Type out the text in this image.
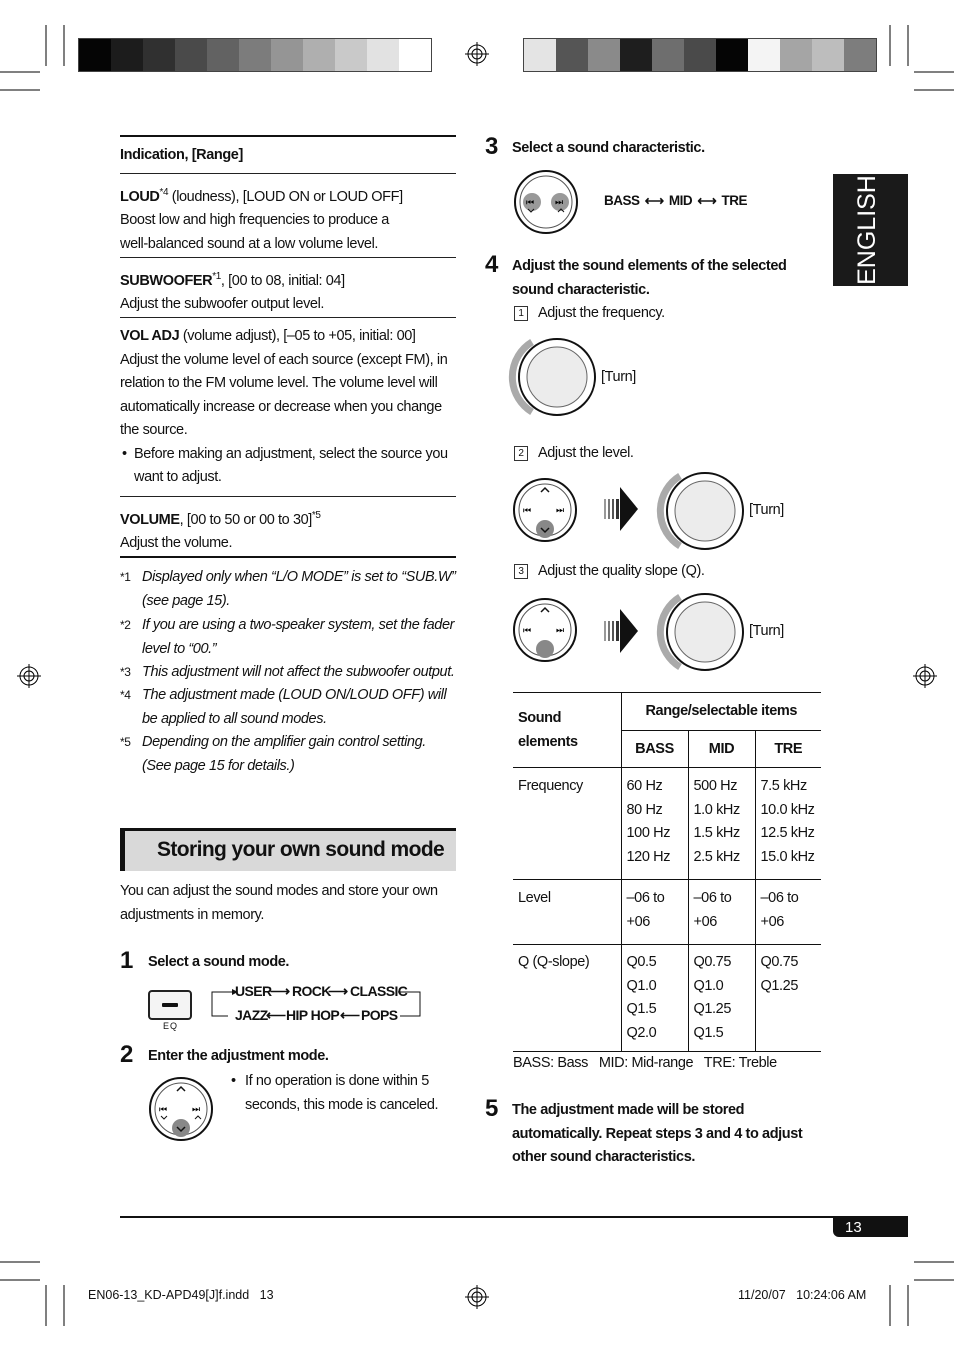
ENGLISH
Indication, [Range]
LOUD$^{*4}$ (loudness), [LOUD ON or LOUD OFF]

Boost low and high frequencies to produce a well-balanced sound at a low volume level.
SUBWOOFER$^{*1}$, [00 to 08, initial: 04]
Adjust the subwoofer output level.
VOL ADJ (volume adjust), [–05 to +05, initial: 00]

Adjust the volume level of each source (except FM), in relation to the FM volume level. The volume level will automatically increase or decrease when you change the source.
• Before making an adjustment, select the source you want to adjust.
VOLUME, [00 to 50 or 00 to 30]$^{*5}$
Adjust the volume.
*1 Displayed only when “L/O MODE” is set to “SUB.W” (see page 15).
*2 If you are using a two-speaker system, set the fader level to “00.”
*3 This adjustment will not affect the subwoofer output.
*4 The adjustment made (LOUD ON/LOUD OFF) will be applied to all sound modes.
*5 Depending on the amplifier gain control setting. (See page 15 for details.)
Storing your own sound mode
You can adjust the sound modes and store your own adjustments in memory.
1 Select a sound mode.
EQ
USER
⟶ ROCK
⟶ CLASSIC
JAZZ
⟵ HIP HOP ⟵ POPS
2 Enter the adjustment mode.
⏮	⏭
• If no operation is done within 5 seconds, this mode is canceled.
3 Select a sound characteristic.
⏮ ⏭	BASS ⟷ MID ⟷ TRE
4 Adjust the sound elements of the selected sound characteristic.
1 Adjust the frequency.
[Turn]
2 Adjust the level.
⏮	⏭	[Turn]
3 Adjust the quality slope (Q).
⏮	⏭	[Turn]
Sound elements	Range/selectable items		
	BASS	MID	TRE
Frequency	60 Hz
80 Hz
100 Hz
120 Hz	500 Hz
1.0 kHz
1.5 kHz
2.5 kHz	7.5 kHz
10.0 kHz
12.5 kHz
15.0 kHz
Level	–06 to
+06	–06 to
+06	–06 to
+06
Q (Q-slope)	Q0.5
Q1.0
Q1.5
Q2.0	Q0.75
Q1.0
Q1.25
Q1.5	Q0.75
Q1.25
BASS: Bass   MID: Mid-range   TRE: Treble
5 The adjustment made will be stored automatically. Repeat steps 3 and 4 to adjust other sound characteristics.
13
EN06-13_KD-APD49[J]f.indd   13	11/20/07   10:24:06 AM
